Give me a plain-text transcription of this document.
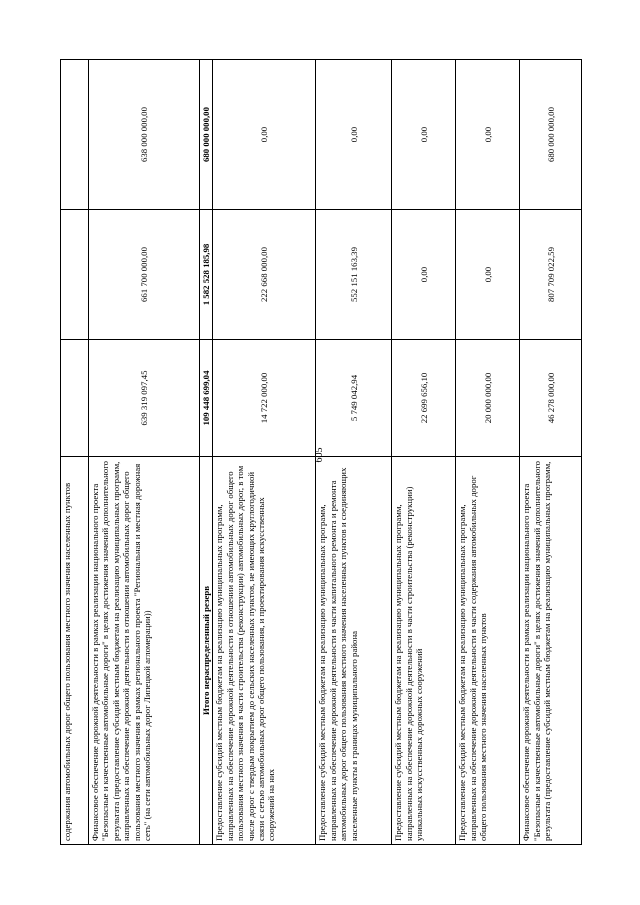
605
содержания автомобильных дорог общего пользования местного значения населенных пунктов			
Финансовое обеспечение дорожной деятельности в рамках реализации национального проекта "Безопасные и качественные автомобильные дороги" в целях достижения значений дополнительного результата (предоставление субсидий местным бюджетам на реализацию муниципальных программ, направленных на обеспечение дорожной деятельности в отношении автомобильных дорог общего пользования местного значения в рамках регионального проекта "Региональная и местная дорожная сеть" (на сети автомобильных дорог Липецкой агломерации))	639 319 097,45	661 700 000,00	638 000 000,00
Итого нераспределенный резерв	109 448 699,04	1 582 528 185,98	680 000 000,00
Предоставление субсидий местным бюджетам на реализацию муниципальных программ, направленных на обеспечение дорожной деятельности в отношении автомобильных дорог общего пользования местного значения в части строительства (реконструкции) автомобильных дорог, в том числе дорог с твердым покрытием до сельских населенных пунктов, не имеющих круглогодичной связи с сетью автомобильных дорог общего пользования, и проектирования искусственных сооружений на них	14 722 000,00	222 668 000,00	0,00
Предоставление субсидий местным бюджетам на реализацию муниципальных программ, направленных на обеспечение дорожной деятельности в части капитального ремонта и ремонта автомобильных дорог общего пользования местного значения населенных пунктов и соединяющих населенные пункты в границах муниципального района	5 749 042,94	552 151 163,39	0,00
Предоставление субсидий местным бюджетам на реализацию муниципальных программ, направленных на обеспечение дорожной деятельности в части строительства (реконструкции) уникальных искусственных дорожных сооружений	22 699 656,10	0,00	0,00
Предоставление субсидий местным бюджетам на реализацию муниципальных программ, направленных на обеспечение дорожной деятельности в части содержания автомобильных дорог общего пользования местного значения населенных пунктов	20 000 000,00	0,00	0,00
Финансовое обеспечение дорожной деятельности в рамках реализации национального проекта "Безопасные и качественные автомобильные дороги" в целях достижения значений дополнительного результата (предоставление субсидий местным бюджетам на реализацию муниципальных программ,	46 278 000,00	807 709 022,59	680 000 000,00
